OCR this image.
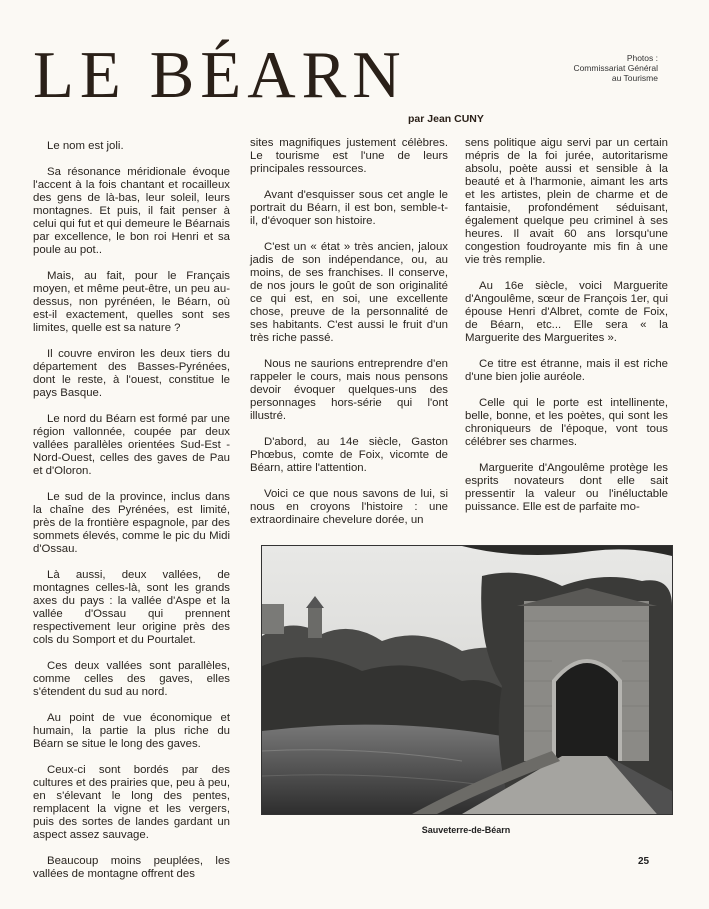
LE BÉARN	Photos :
Commissariat Général
au Tourisme
par Jean CUNY

Le nom est joli.

Sa résonance méridionale évoque l'accent à la fois chantant et rocailleux des gens de là-bas, leur soleil, leurs montagnes. Et puis, il fait penser à celui qui fut et qui demeure le Béarnais par excellence, le bon roi Henri et sa poule au pot..

Mais, au fait, pour le Français moyen, et même peut-être, un peu au-dessus, non pyrénéen, le Béarn, où est-il exactement, quelles sont ses limites, quelle est sa nature ?

Il couvre environ les deux tiers du département des Basses-Pyrénées, dont le reste, à l'ouest, constitue le pays Basque.

Le nord du Béarn est formé par une région vallonnée, coupée par deux vallées parallèles orientées Sud-Est - Nord-Ouest, celles des gaves de Pau et d'Oloron.

Le sud de la province, inclus dans la chaîne des Pyrénées, est limité, près de la frontière espagnole, par des sommets élevés, comme le pic du Midi d'Ossau.

Là aussi, deux vallées, de montagnes celles-là, sont les grands axes du pays : la vallée d'Aspe et la vallée d'Ossau qui prennent respectivement leur origine près des cols du Somport et du Pourtalet.

Ces deux vallées sont parallèles, comme celles des gaves, elles s'étendent du sud au nord.

Au point de vue économique et humain, la partie la plus riche du Béarn se situe le long des gaves.

Ceux-ci sont bordés par des cultures et des prairies que, peu à peu, en s'élevant le long des pentes, remplacent la vigne et les vergers, puis des sortes de landes gardant un aspect assez sauvage.

Beaucoup moins peuplées, les vallées de montagne offrent des

sites magnifiques justement célèbres. Le tourisme est l'une de leurs principales ressources.

Avant d'esquisser sous cet angle le portrait du Béarn, il est bon, semble-t-il, d'évoquer son histoire.

C'est un « état » très ancien, jaloux jadis de son indépendance, ou, au moins, de ses franchises. Il conserve, de nos jours le goût de son originalité ce qui est, en soi, une excellente chose, preuve de la personnalité de ses habitants. C'est aussi le fruit d'un très riche passé.

Nous ne saurions entreprendre d'en rappeler le cours, mais nous pensons devoir évoquer quelques-uns des personnages hors-série qui l'ont illustré.

D'abord, au 14e siècle, Gaston Phœbus, comte de Foix, vicomte de Béarn, attire l'attention.

Voici ce que nous savons de lui, si nous en croyons l'histoire : une extraordinaire chevelure dorée, un

sens politique aigu servi par un certain mépris de la foi jurée, autoritarisme absolu, poète aussi et sensible à la beauté et à l'harmonie, aimant les arts et les artistes, plein de charme et de fantaisie, profondément séduisant, également quelque peu criminel à ses heures. Il avait 60 ans lorsqu'une congestion foudroyante mis fin à une vie très remplie.

Au 16e siècle, voici Marguerite d'Angoulême, sœur de François 1er, qui épouse Henri d'Albret, comte de Foix, de Béarn, etc... Elle sera « la Marguerite des Marguerites ».

Ce titre est étranne, mais il est riche d'une bien jolie auréole.

Celle qui le porte est intellinente, belle, bonne, et les poètes, qui sont les chroniqueurs de l'époque, vont tous célébrer ses charmes.

Marguerite d'Angoulême protège les esprits novateurs dont elle sait pressentir la valeur ou l'inéluctable puissance. Elle est de parfaite mo-

Sauveterre-de-Béarn
25
